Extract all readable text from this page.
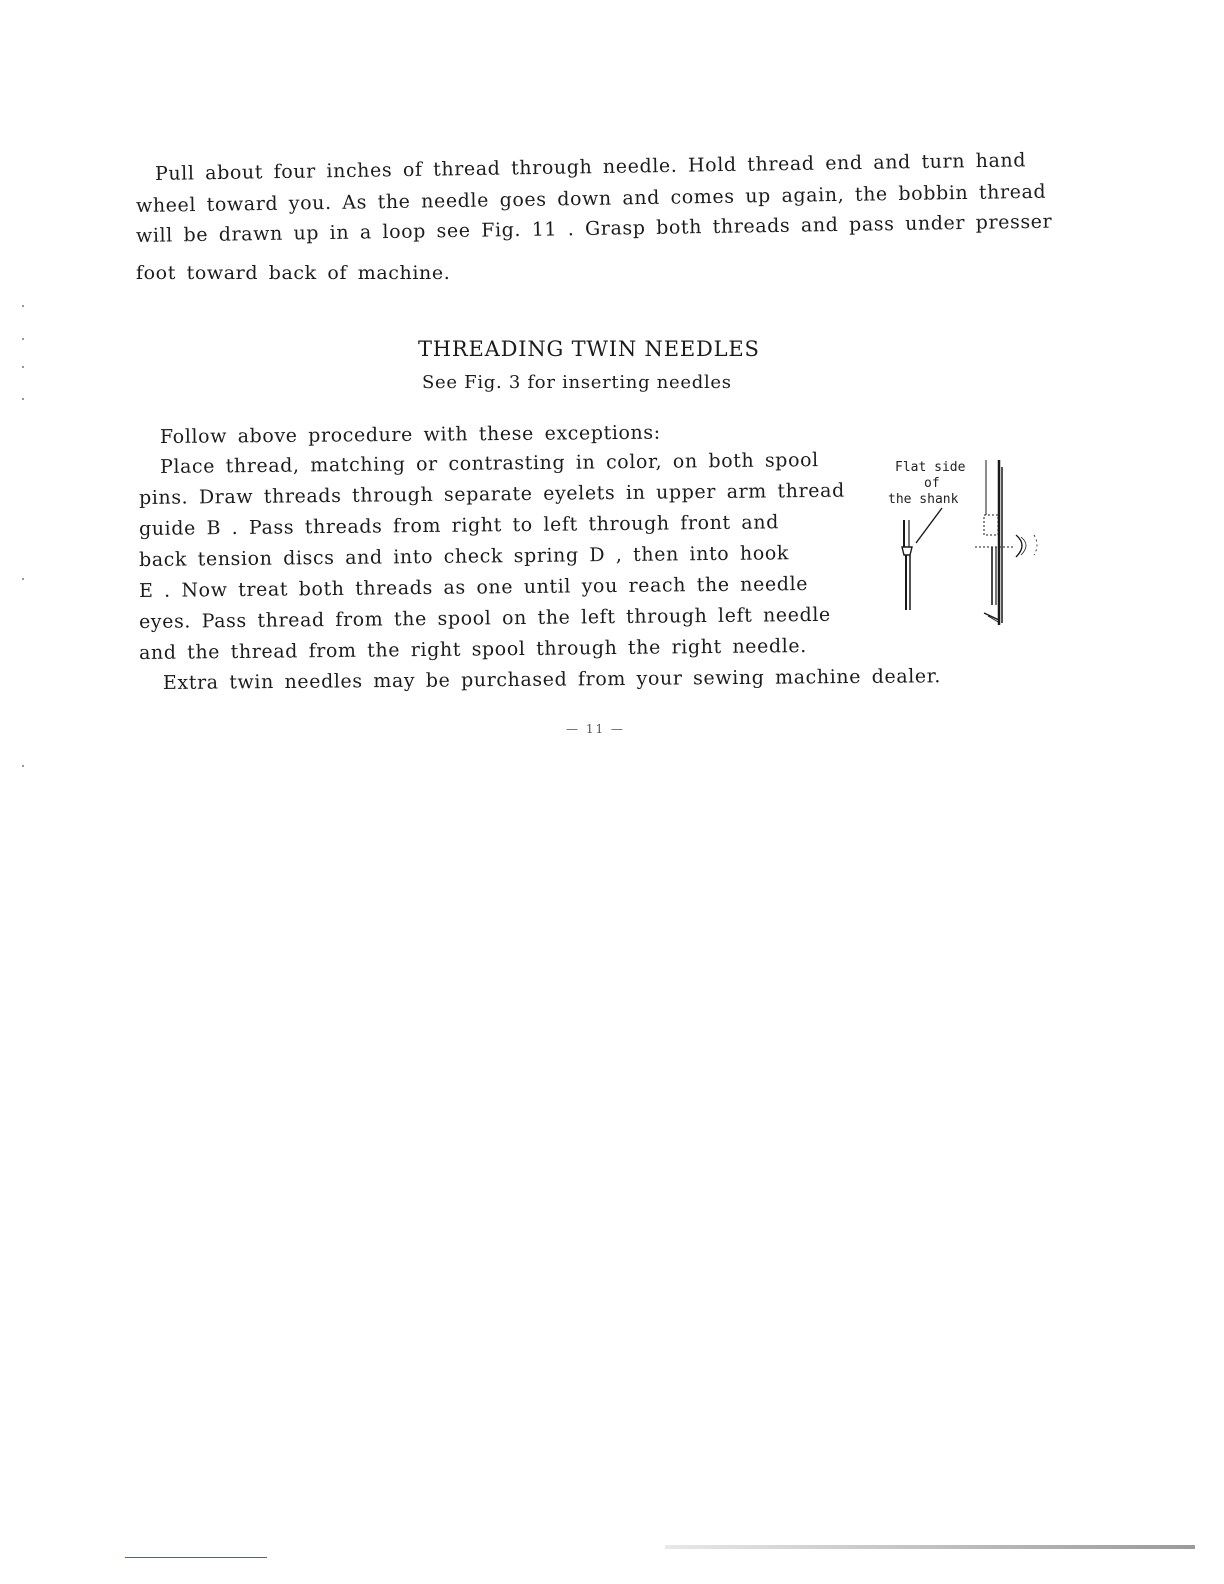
Pull about four inches of thread through needle. Hold thread end and turn hand
wheel toward you. As the needle goes down and comes up again, the bobbin thread
will be drawn up in a loop see Fig. 11 . Grasp both threads and pass under presser
foot toward back of machine.
THREADING TWIN NEEDLES
See Fig. 3 for inserting needles
Follow above procedure with these exceptions:
Place thread, matching or contrasting in color, on both spool
pins. Draw threads through separate eyelets in upper arm thread
guide B . Pass threads from right to left through front and
back tension discs and into check spring D , then into hook
E . Now treat both threads as one until you reach the needle
eyes. Pass thread from the spool on the left through left needle
and the thread from the right spool through the right needle.
Extra twin needles may be purchased from your sewing machine dealer.
Flat side
of
the shank
— 11 —
